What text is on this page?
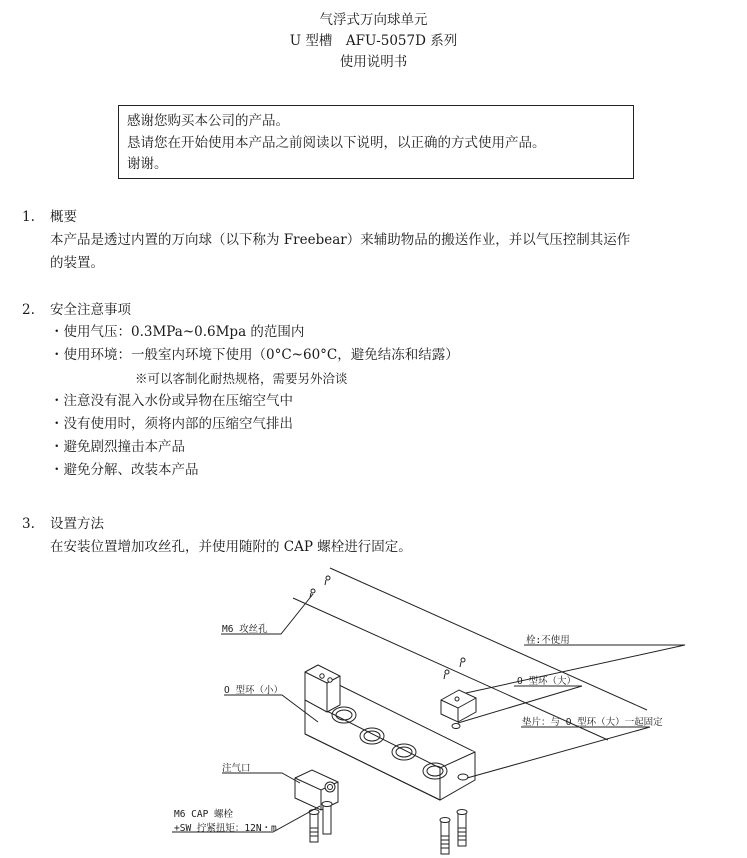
气浮式万向球单元
U 型槽　AFU-5057D 系列
使用说明书
感谢您购买本公司的产品。
恳请您在开始使用本产品之前阅读以下说明，以正确的方式使用产品。
谢谢。
1. 概要
本产品是透过内置的万向球（以下称为 Freebear）来辅助物品的搬送作业，并以气压控制其运作
的装置。
2. 安全注意事项
・使用气压：0.3MPa~0.6Mpa 的范围内
・使用环境：一般室内环境下使用（0°C~60°C，避免结冻和结露）
※可以客制化耐热规格，需要另外洽谈
・注意没有混入水份或异物在压缩空气中
・没有使用时，须将内部的压缩空气排出
・避免剧烈撞击本产品
・避免分解、改装本产品
3. 设置方法
在安装位置增加攻丝孔，并使用随附的 CAP 螺栓进行固定。
M6 攻丝孔
栓:不使用
O 型环（小）
O 型环（大）
垫片：与 O 型环（大）一起固定
注气口
M6 CAP 螺栓
+SW 拧紧扭矩：12N・m
